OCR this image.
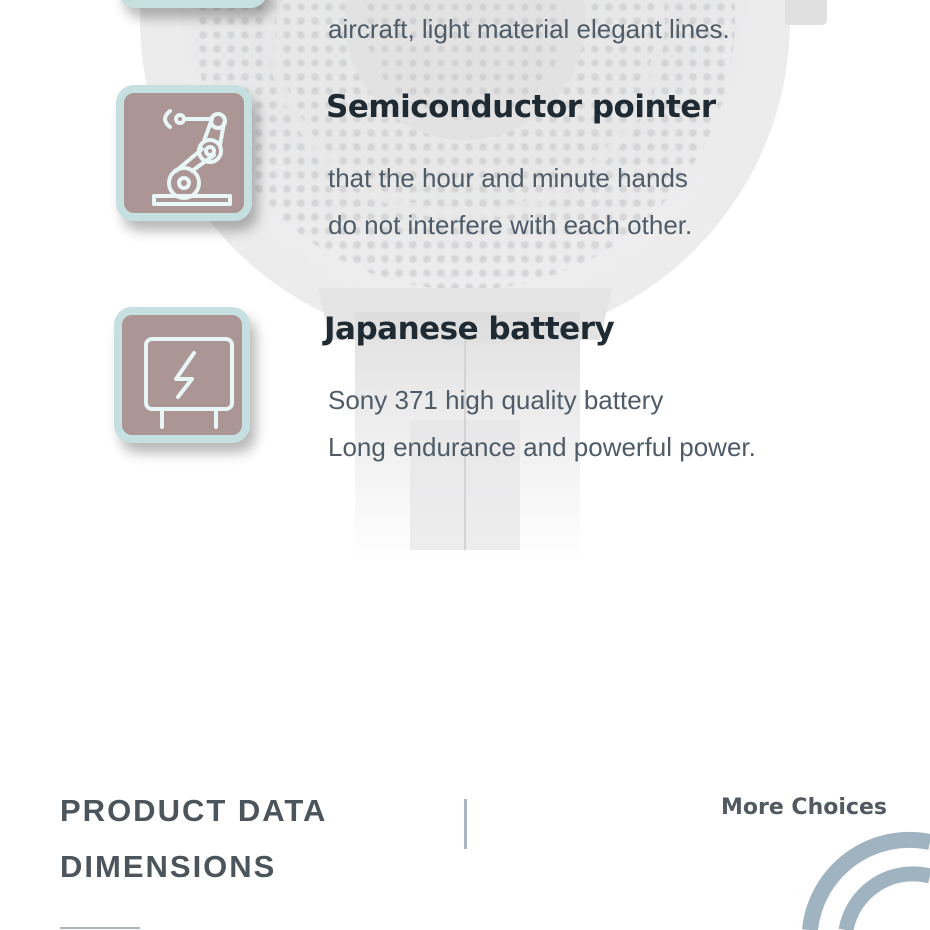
aircraft, light material elegant lines.

Semiconductor pointer

that the hour and minute hands

do not interfere with each other.

Japanese battery

Sony 371 high quality battery

Long endurance and powerful power.

PRODUCT DATA
DIMENSIONS
More Choices
